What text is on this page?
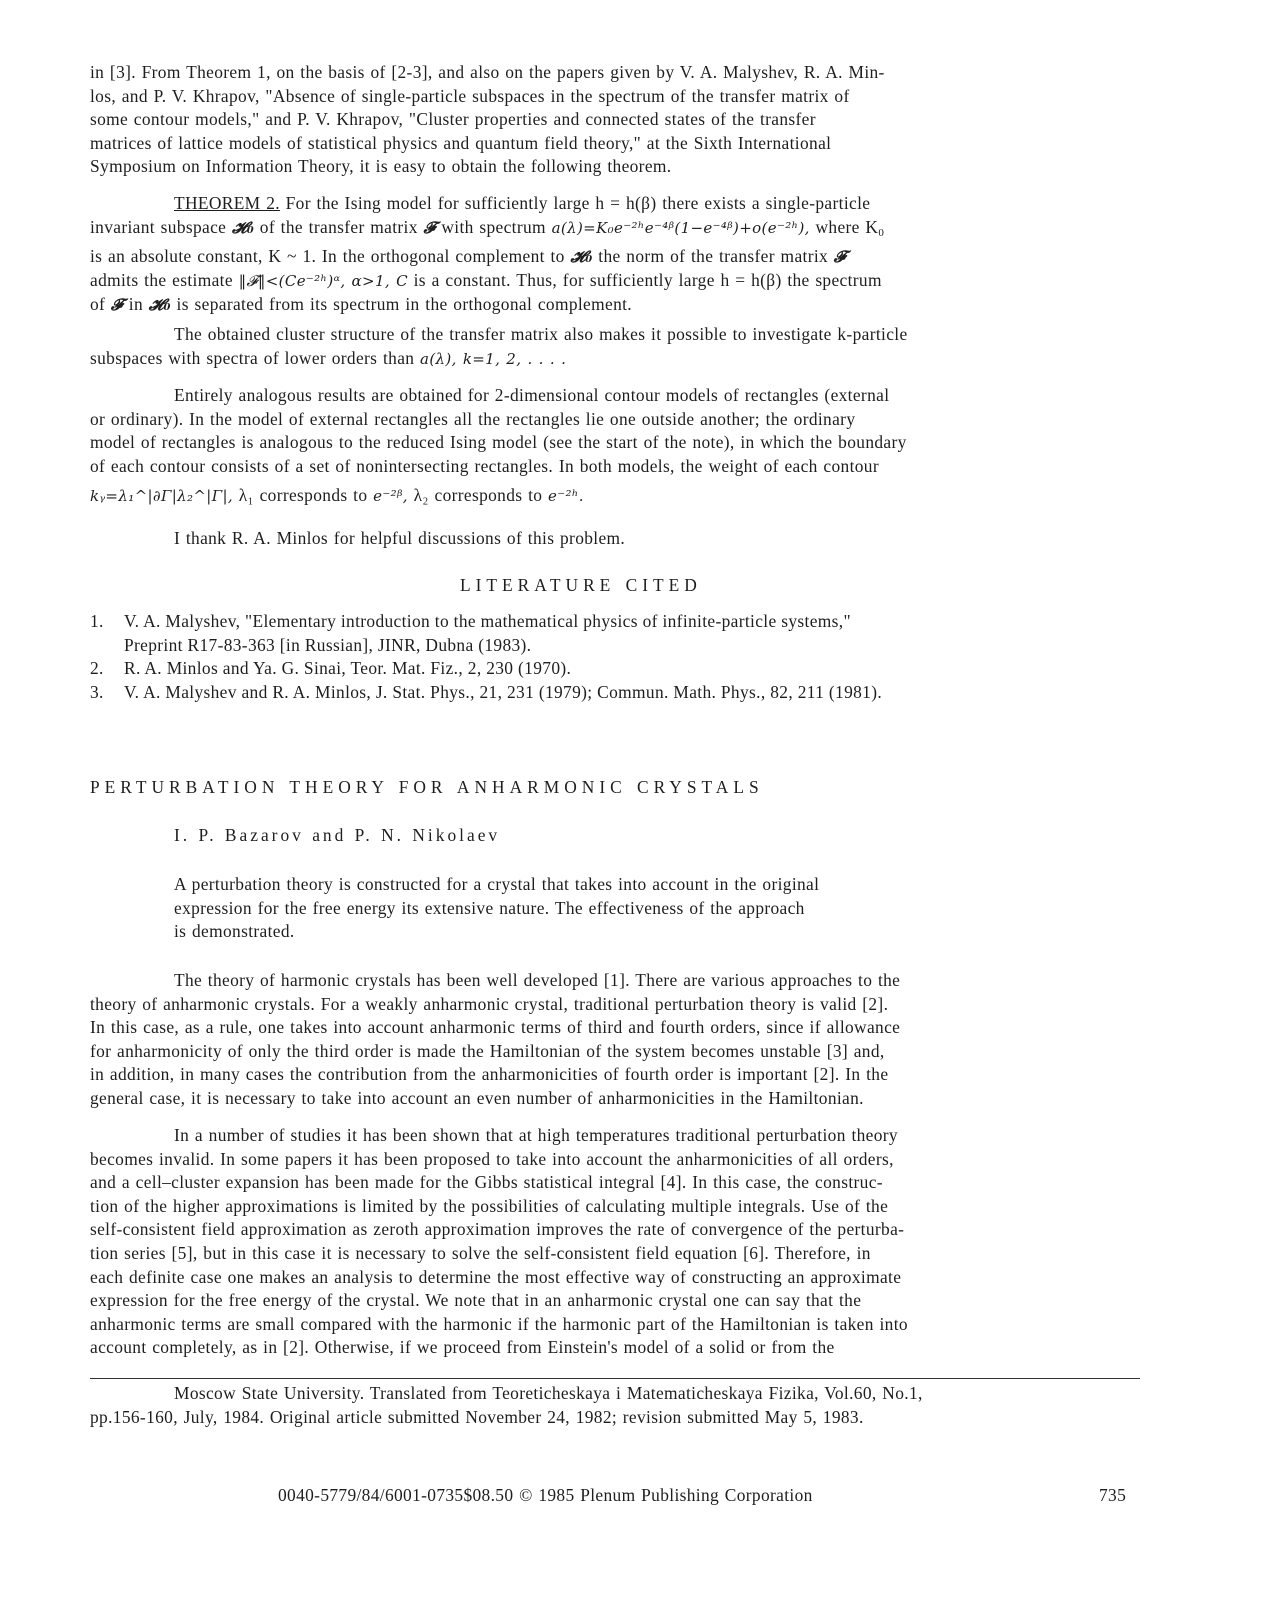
in [3]. From Theorem 1, on the basis of [2-3], and also on the papers given by V. A. Malyshev, R. A. Min-
los, and P. V. Khrapov, "Absence of single-particle subspaces in the spectrum of the transfer matrix of
some contour models," and P. V. Khrapov, "Cluster properties and connected states of the transfer
matrices of lattice models of statistical physics and quantum field theory," at the Sixth International
Symposium on Information Theory, it is easy to obtain the following theorem.
THEOREM 2. For the Ising model for sufficiently large h = h(β) there exists a single-particle
invariant subspace 𝓗₀ of the transfer matrix 𝓕 with spectrum a(λ)=K₀e⁻²ʰe⁻⁴ᵝ(1−e⁻⁴ᵝ)+o(e⁻²ʰ), where $K_0$
is an absolute constant, K ~ 1. In the orthogonal complement to 𝓗₀ the norm of the transfer matrix 𝓕
admits the estimate ‖𝓕‖<(Ce⁻²ʰ)ᵅ, α>1, C is a constant. Thus, for sufficiently large h = h(β) the spectrum
of 𝓕 in 𝓗₀ is separated from its spectrum in the orthogonal complement.
The obtained cluster structure of the transfer matrix also makes it possible to investigate k-particle
subspaces with spectra of lower orders than a(λ), k=1, 2, . . . .
Entirely analogous results are obtained for 2-dimensional contour models of rectangles (external
or ordinary). In the model of external rectangles all the rectangles lie one outside another; the ordinary
model of rectangles is analogous to the reduced Ising model (see the start of the note), in which the boundary
of each contour consists of a set of nonintersecting rectangles. In both models, the weight of each contour
kᵧ=λ₁^|∂Γ|λ₂^|Γ|, λ₁ corresponds to e⁻²ᵝ, λ₂ corresponds to e⁻²ʰ.
I thank R. A. Minlos for helpful discussions of this problem.
LITERATURE CITED
1.	V. A. Malyshev, "Elementary introduction to the mathematical physics of infinite-particle systems,"
Preprint R17-83-363 [in Russian], JINR, Dubna (1983).
2.	R. A. Minlos and Ya. G. Sinai, Teor. Mat. Fiz., 2, 230 (1970).
3.	V. A. Malyshev and R. A. Minlos, J. Stat. Phys., 21, 231 (1979); Commun. Math. Phys., 82, 211 (1981).
PERTURBATION THEORY FOR ANHARMONIC CRYSTALS
I. P. Bazarov and P. N. Nikolaev
A perturbation theory is constructed for a crystal that takes into account in the original
expression for the free energy its extensive nature. The effectiveness of the approach
is demonstrated.
The theory of harmonic crystals has been well developed [1]. There are various approaches to the
theory of anharmonic crystals. For a weakly anharmonic crystal, traditional perturbation theory is valid [2].
In this case, as a rule, one takes into account anharmonic terms of third and fourth orders, since if allowance
for anharmonicity of only the third order is made the Hamiltonian of the system becomes unstable [3] and,
in addition, in many cases the contribution from the anharmonicities of fourth order is important [2]. In the
general case, it is necessary to take into account an even number of anharmonicities in the Hamiltonian.
In a number of studies it has been shown that at high temperatures traditional perturbation theory
becomes invalid. In some papers it has been proposed to take into account the anharmonicities of all orders,
and a cell–cluster expansion has been made for the Gibbs statistical integral [4]. In this case, the construc-
tion of the higher approximations is limited by the possibilities of calculating multiple integrals. Use of the
self-consistent field approximation as zeroth approximation improves the rate of convergence of the perturba-
tion series [5], but in this case it is necessary to solve the self-consistent field equation [6]. Therefore, in
each definite case one makes an analysis to determine the most effective way of constructing an approximate
expression for the free energy of the crystal. We note that in an anharmonic crystal one can say that the
anharmonic terms are small compared with the harmonic if the harmonic part of the Hamiltonian is taken into
account completely, as in [2]. Otherwise, if we proceed from Einstein's model of a solid or from the
Moscow State University. Translated from Teoreticheskaya i Matematicheskaya Fizika, Vol.60, No.1,
pp.156-160, July, 1984. Original article submitted November 24, 1982; revision submitted May 5, 1983.
0040-5779/84/6001-0735$08.50 © 1985 Plenum Publishing Corporation	735
